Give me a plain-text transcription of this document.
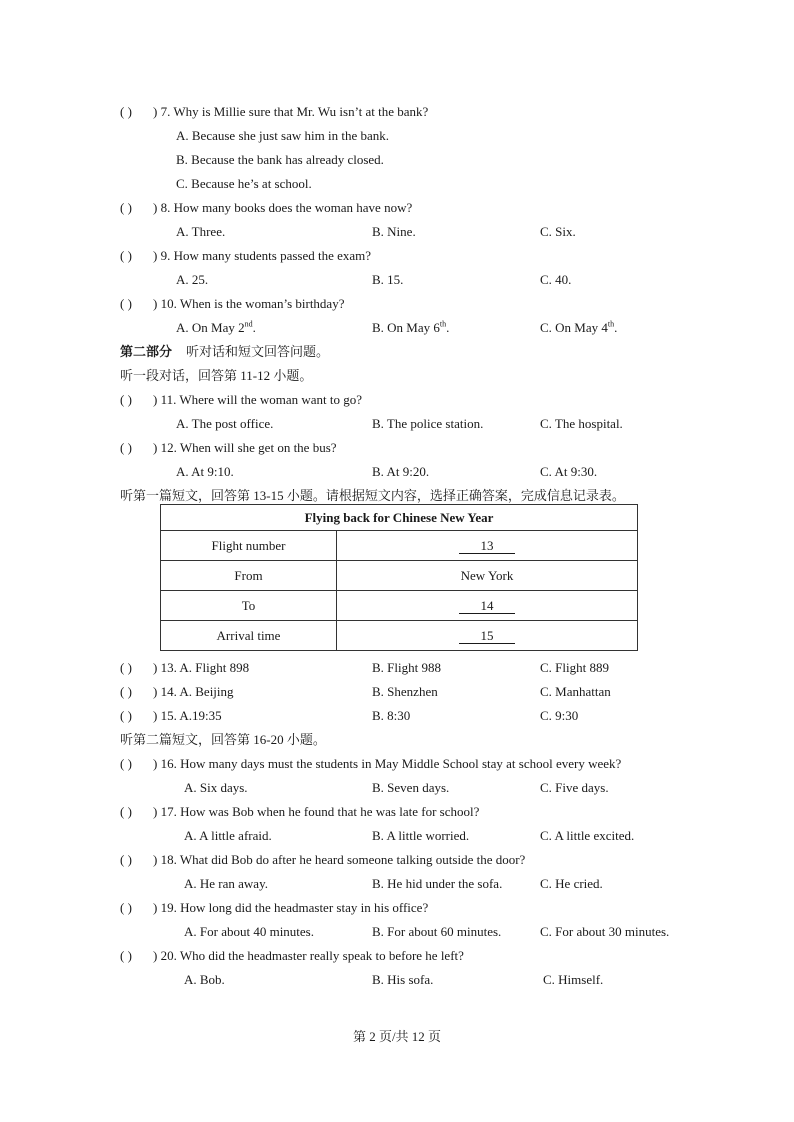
( ) ) 7. Why is Millie sure that Mr. Wu isn’t at the bank?
A. Because she just saw him in the bank.
B. Because the bank has already closed.
C. Because he’s at school.
( ) ) 8. How many books does the woman have now?
A. Three.	B. Nine.	C. Six.
( ) ) 9. How many students passed the exam?
A. 25.	B. 15.	C. 40.
( ) ) 10. When is the woman’s birthday?
A. On May 2nd.	B. On May 6th.	C. On May 4th.
第二部分 听对话和短文回答问题。
听一段对话，回答第 11-12 小题。
( ) ) 11. Where will the woman want to go?
A. The post office.	B. The police station.	C. The hospital.
( ) ) 12. When will she get on the bus?
A. At 9:10.	B. At 9:20.	C. At 9:30.
听第一篇短文，回答第 13-15 小题。请根据短文内容，选择正确答案，完成信息记录表。
Flying back for Chinese New Year	
Flight number	13
From	New York
To	14
Arrival time	15
( ) ) 13. A. Flight 898	B. Flight 988	C. Flight 889
( ) ) 14. A. Beijing	B. Shenzhen	C. Manhattan
( ) ) 15. A.19:35	B. 8:30	C. 9:30
听第二篇短文，回答第 16-20 小题。
( ) ) 16. How many days must the students in May Middle School stay at school every week?
A. Six days.	B. Seven days.	C. Five days.
( ) ) 17. How was Bob when he found that he was late for school?
A. A little afraid.	B. A little worried.	C. A little excited.
( ) ) 18. What did Bob do after he heard someone talking outside the door?
A. He ran away.	B. He hid under the sofa.	C. He cried.
( ) ) 19. How long did the headmaster stay in his office?
A. For about 40 minutes.	B. For about 60 minutes.	C. For about 30 minutes.
( ) ) 20. Who did the headmaster really speak to before he left?
A. Bob.	B. His sofa.	C. Himself.
第 2 页/共 12 页
